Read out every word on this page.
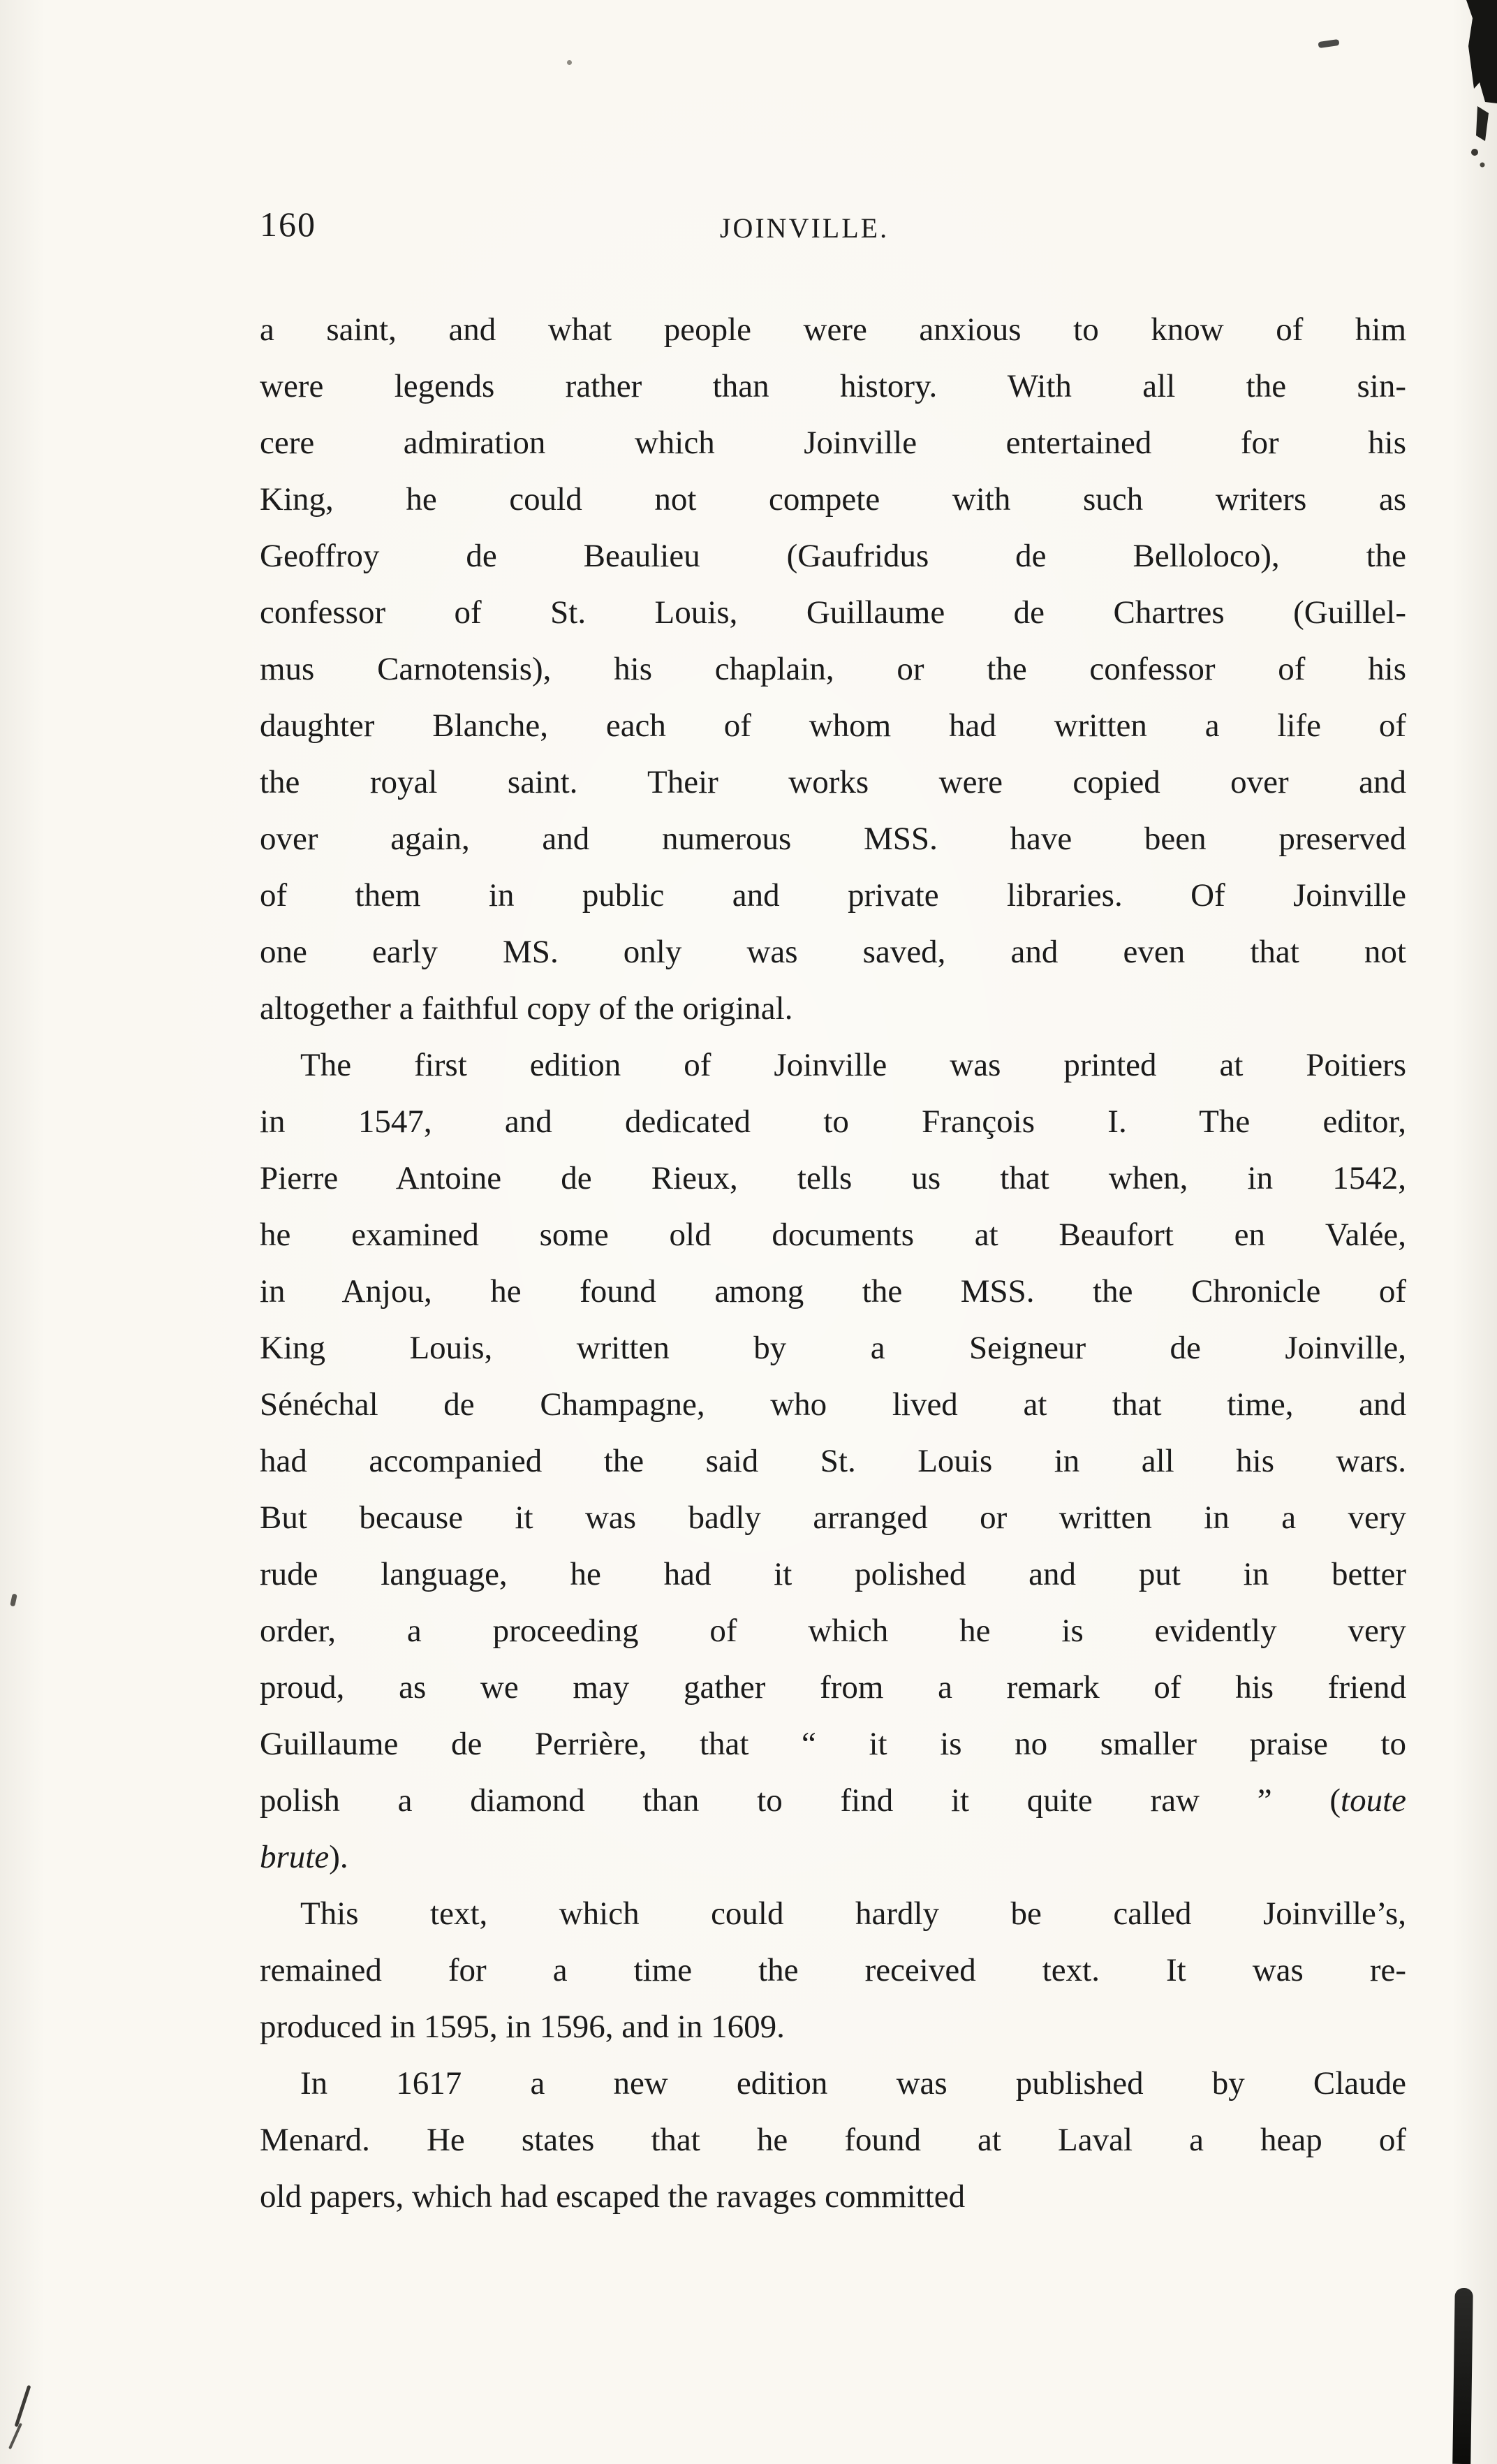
160	JOINVILLE.
a saint, and what people were anxious to know of him
were legends rather than history. With all the sin-
cere admiration which Joinville entertained for his
King, he could not compete with such writers as
Geoffroy de Beaulieu (Gaufridus de Belloloco), the
confessor of St. Louis, Guillaume de Chartres (Guillel-
mus Carnotensis), his chaplain, or the confessor of his
daughter Blanche, each of whom had written a life of
the royal saint. Their works were copied over and
over again, and numerous MSS. have been preserved
of them in public and private libraries. Of Joinville
one early MS. only was saved, and even that not
altogether a faithful copy of the original.
The first edition of Joinville was printed at Poitiers
in 1547, and dedicated to François I. The editor,
Pierre Antoine de Rieux, tells us that when, in 1542,
he examined some old documents at Beaufort en Valée,
in Anjou, he found among the MSS. the Chronicle of
King Louis, written by a Seigneur de Joinville,
Sénéchal de Champagne, who lived at that time, and
had accompanied the said St. Louis in all his wars.
But because it was badly arranged or written in a very
rude language, he had it polished and put in better
order, a proceeding of which he is evidently very
proud, as we may gather from a remark of his friend
Guillaume de Perrière, that “ it is no smaller praise to
polish a diamond than to find it quite raw ” (toute
brute).
This text, which could hardly be called Joinville’s,
remained for a time the received text. It was re-
produced in 1595, in 1596, and in 1609.
In 1617 a new edition was published by Claude
Menard. He states that he found at Laval a heap of
old papers, which had escaped the ravages committed
